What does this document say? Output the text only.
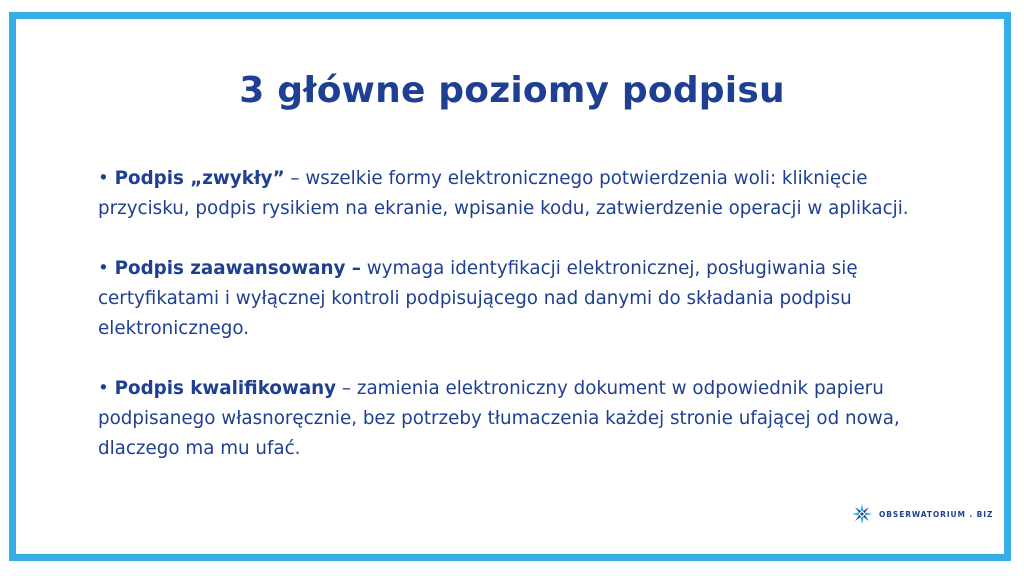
3 główne poziomy podpisu

• Podpis „zwykły” – wszelkie formy elektronicznego potwierdzenia woli: kliknięcie przycisku, podpis rysikiem na ekranie, wpisanie kodu, zatwierdzenie operacji w aplikacji.

• Podpis zaawansowany – wymaga identyfikacji elektronicznej, posługiwania się certyfikatami i wyłącznej kontroli podpisującego nad danymi do składania podpisu elektronicznego.

• Podpis kwalifikowany – zamienia elektroniczny dokument w odpowiednik papieru podpisanego własnoręcznie, bez potrzeby tłumaczenia każdej stronie ufającej od nowa, dlaczego ma mu ufać.

OBSERWATORIUM . BIZ
